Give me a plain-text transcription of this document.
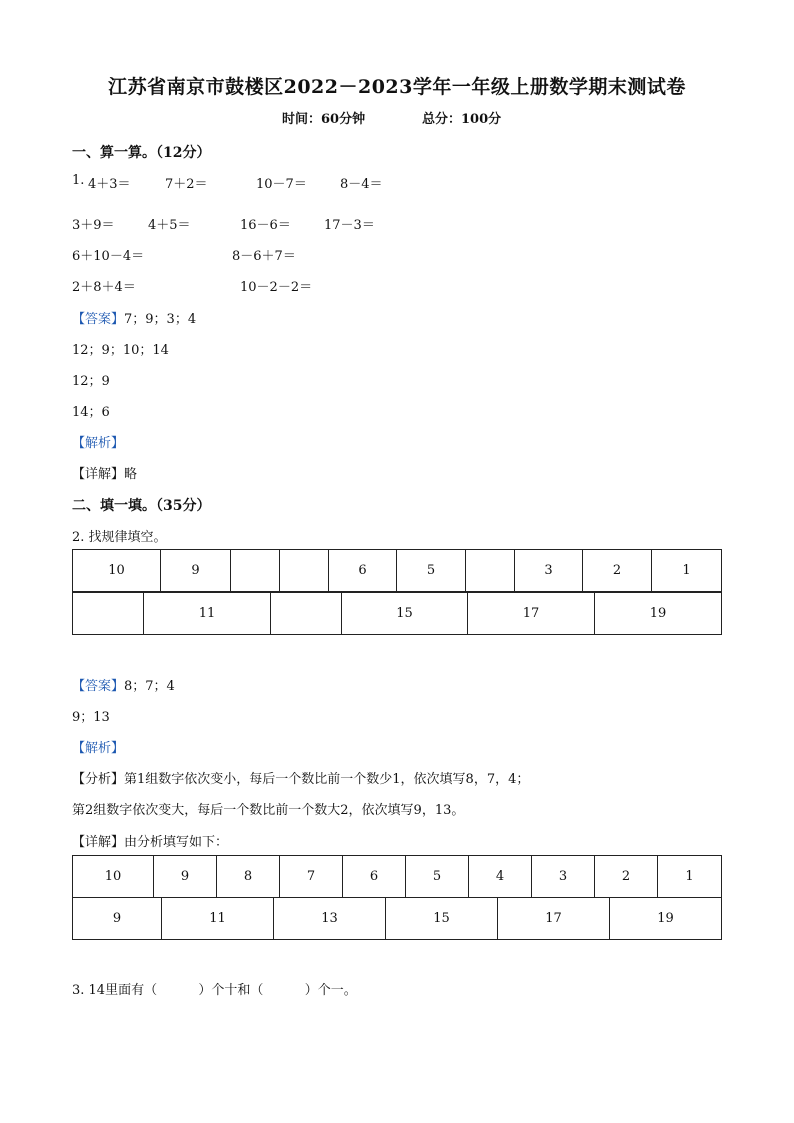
江苏省南京市鼓楼区2022－2023学年一年级上册数学期末测试卷
时间：60分钟	总分：100分
一、算一算。（12分）
1. 4＋3＝	7＋2＝	10－7＝	8－4＝
3＋9＝	4＋5＝	16－6＝	17－3＝
6＋10－4＝	8－6＋7＝
2＋8＋4＝	10－2－2＝
【答案】7；9；3；4
12；9；10；14
12；9
14；6
【解析】
【详解】略
二、填一填。（35分）
2. 找规律填空。
10	9			6	5		3	2	1
	11		15	17	19
【答案】8；7；4
9；13
【解析】
【分析】第1组数字依次变小，每后一个数比前一个数少1，依次填写8，7，4；
第2组数字依次变大，每后一个数比前一个数大2，依次填写9，13。
【详解】由分析填写如下：
10	9	8	7	6	5	4	3	2	1
9	11	13	15	17	19
3. 14里面有（          ）个十和（          ）个一。
